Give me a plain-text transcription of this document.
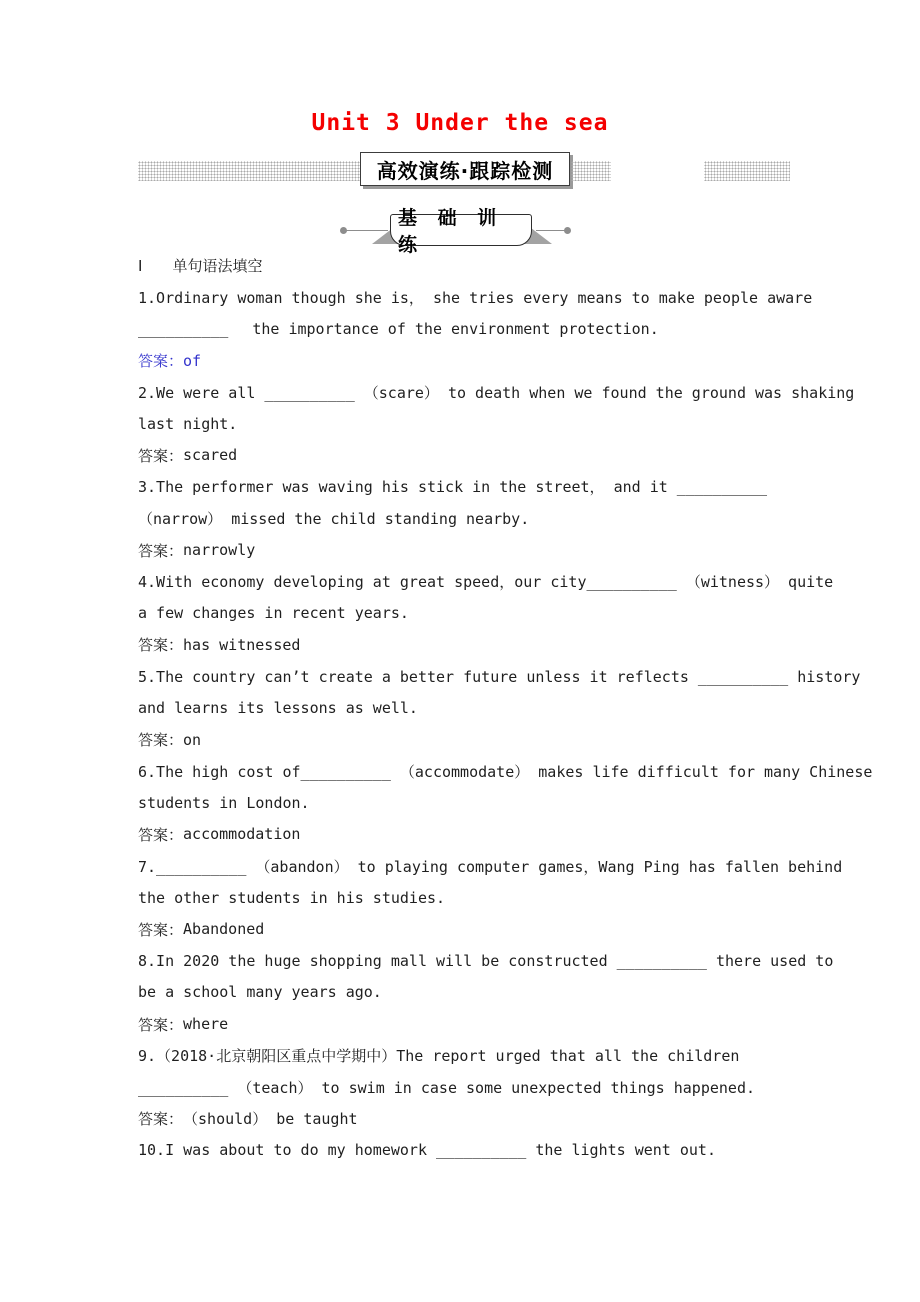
Unit 3 Under the sea
高效演练·跟踪检测
基 础 训 练
Ⅰ 单句语法填空
1.Ordinary woman though she is， she tries every means to make people aware
__________　 the importance of the environment protection.
答案： of
2.We were all __________ （scare） to death when we found the ground was shaking
last night.
答案： scared
3.The performer was waving his stick in the street， and it __________
（narrow） missed the child standing nearby.
答案： narrowly
4.With economy developing at great speed，our city__________ （witness） quite
a few changes in recent years.
答案： has witnessed
5.The country can’t create a better future unless it reflects __________ history
and learns its lessons as well.
答案： on
6.The high cost of__________ （accommodate） makes life difficult for many Chinese
students in London.
答案： accommodation
7.__________ （abandon） to playing computer games，Wang Ping has fallen behind
the other students in his studies.
答案： Abandoned
8.In 2020 the huge shopping mall will be constructed __________ there used to
be a school many years ago.
答案： where
9.（2018·北京朝阳区重点中学期中）The report urged that all the children
__________ （teach） to swim in case some unexpected things happened.
答案： （should） be taught
10.I was about to do my homework __________ the lights went out.
